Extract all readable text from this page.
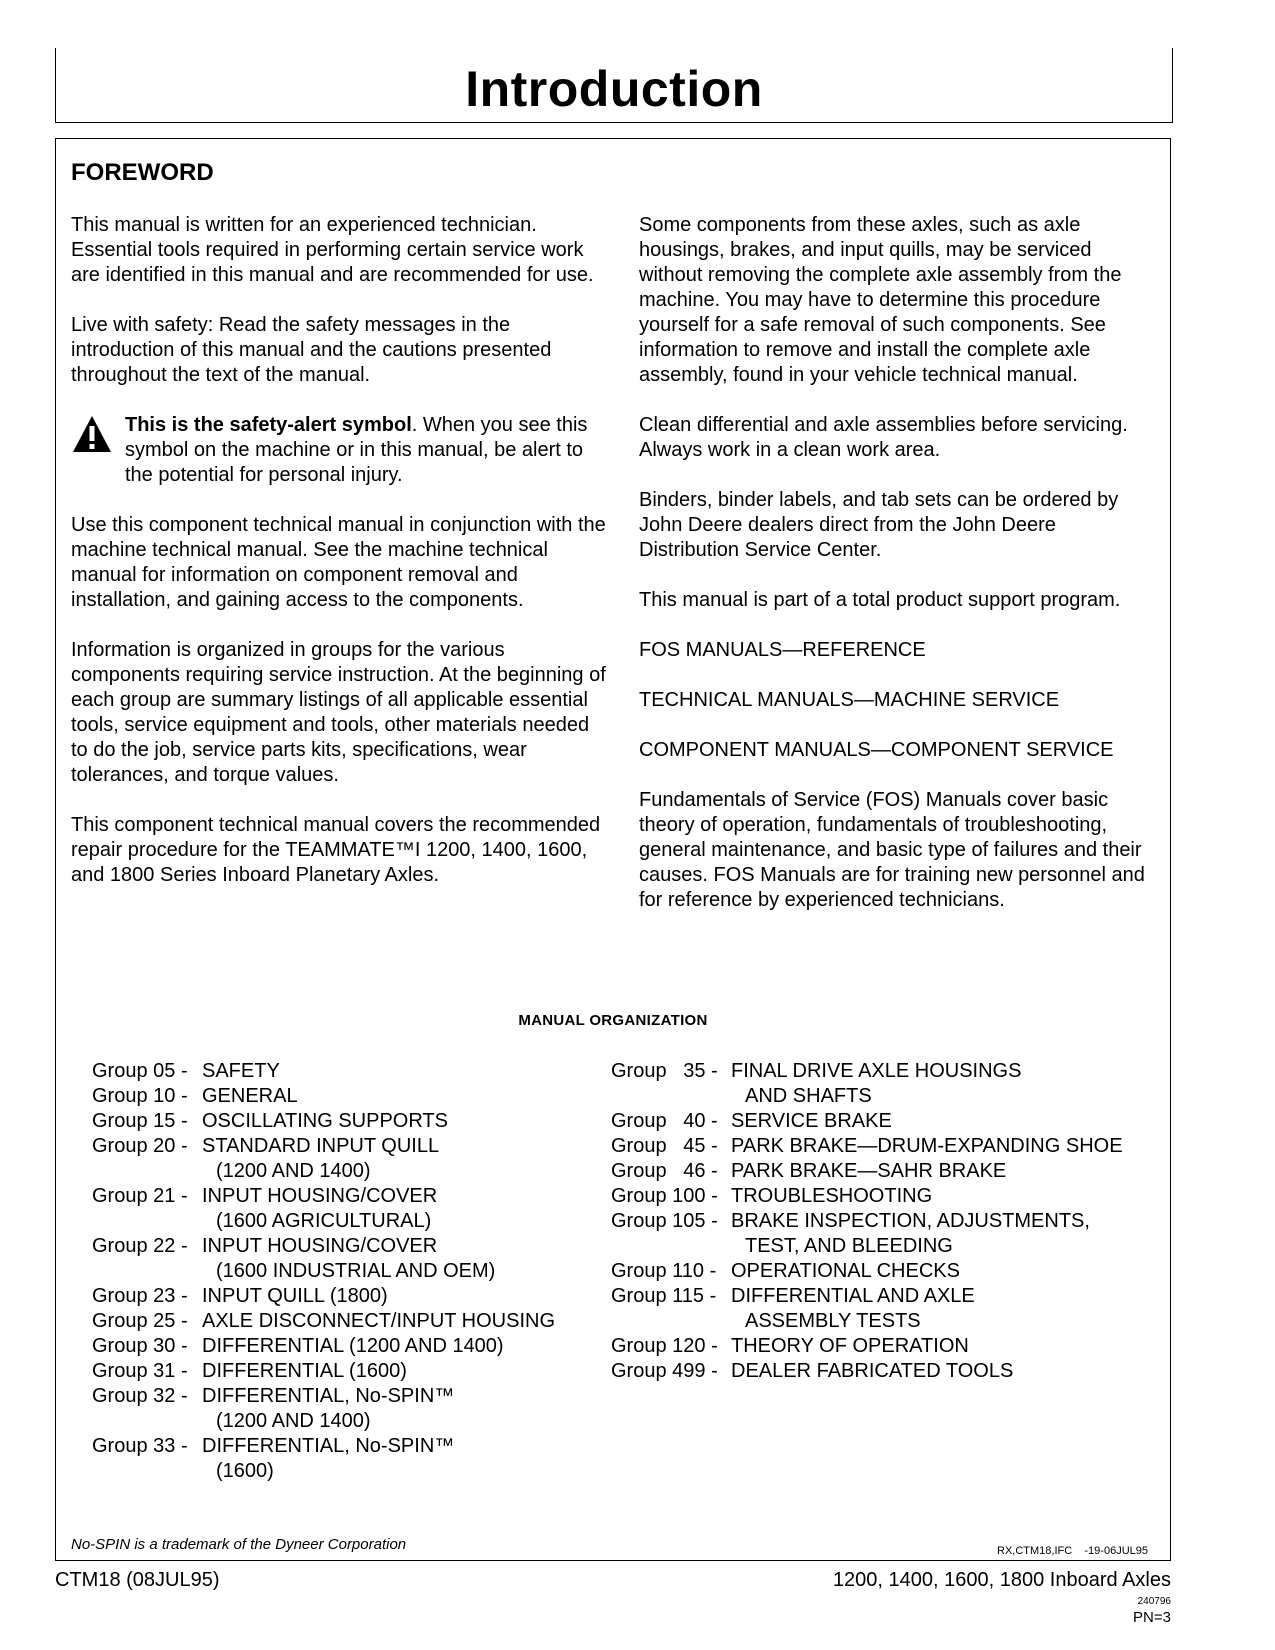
Introduction
FOREWORD

This manual is written for an experienced technician. Essential tools required in performing certain service work are identified in this manual and are recommended for use.

Live with safety: Read the safety messages in the introduction of this manual and the cautions presented throughout the text of the manual.

This is the safety-alert symbol. When you see this symbol on the machine or in this manual, be alert to the potential for personal injury.

Use this component technical manual in conjunction with the machine technical manual. See the machine technical manual for information on component removal and installation, and gaining access to the components.

Information is organized in groups for the various components requiring service instruction. At the beginning of each group are summary listings of all applicable essential tools, service equipment and tools, other materials needed to do the job, service parts kits, specifications, wear tolerances, and torque values.

This component technical manual covers the recommended repair procedure for the TEAMMATE™I 1200, 1400, 1600, and 1800 Series Inboard Planetary Axles.

Some components from these axles, such as axle housings, brakes, and input quills, may be serviced without removing the complete axle assembly from the machine. You may have to determine this procedure yourself for a safe removal of such components. See information to remove and install the complete axle assembly, found in your vehicle technical manual.

Clean differential and axle assemblies before servicing. Always work in a clean work area.

Binders, binder labels, and tab sets can be ordered by John Deere dealers direct from the John Deere Distribution Service Center.

This manual is part of a total product support program.

FOS MANUALS—REFERENCE

TECHNICAL MANUALS—MACHINE SERVICE

COMPONENT MANUALS—COMPONENT SERVICE

Fundamentals of Service (FOS) Manuals cover basic theory of operation, fundamentals of troubleshooting, general maintenance, and basic type of failures and their causes. FOS Manuals are for training new personnel and for reference by experienced technicians.

MANUAL ORGANIZATION
Group 05 - SAFETY
Group 10 - GENERAL
Group 15 - OSCILLATING SUPPORTS
Group 20 - STANDARD INPUT QUILL
(1200 AND 1400)
Group 21 - INPUT HOUSING/COVER
(1600 AGRICULTURAL)
Group 22 - INPUT HOUSING/COVER
(1600 INDUSTRIAL AND OEM)
Group 23 - INPUT QUILL (1800)
Group 25 - AXLE DISCONNECT/INPUT HOUSING
Group 30 - DIFFERENTIAL (1200 AND 1400)
Group 31 - DIFFERENTIAL (1600)
Group 32 - DIFFERENTIAL, No-SPIN™
(1200 AND 1400)
Group 33 - DIFFERENTIAL, No-SPIN™
(1600)
Group   35 - FINAL DRIVE AXLE HOUSINGS
AND SHAFTS
Group   40 - SERVICE BRAKE
Group   45 - PARK BRAKE—DRUM-EXPANDING SHOE
Group   46 - PARK BRAKE—SAHR BRAKE
Group 100 - TROUBLESHOOTING
Group 105 - BRAKE INSPECTION, ADJUSTMENTS,
TEST, AND BLEEDING
Group 110 - OPERATIONAL CHECKS
Group 115 - DIFFERENTIAL AND AXLE
ASSEMBLY TESTS
Group 120 - THEORY OF OPERATION
Group 499 - DEALER FABRICATED TOOLS
No-SPIN is a trademark of the Dyneer Corporation	RX,CTM18,IFC    -19-06JUL95
CTM18 (08JUL95)	1200, 1400, 1600, 1800 Inboard Axles
240796
PN=3
